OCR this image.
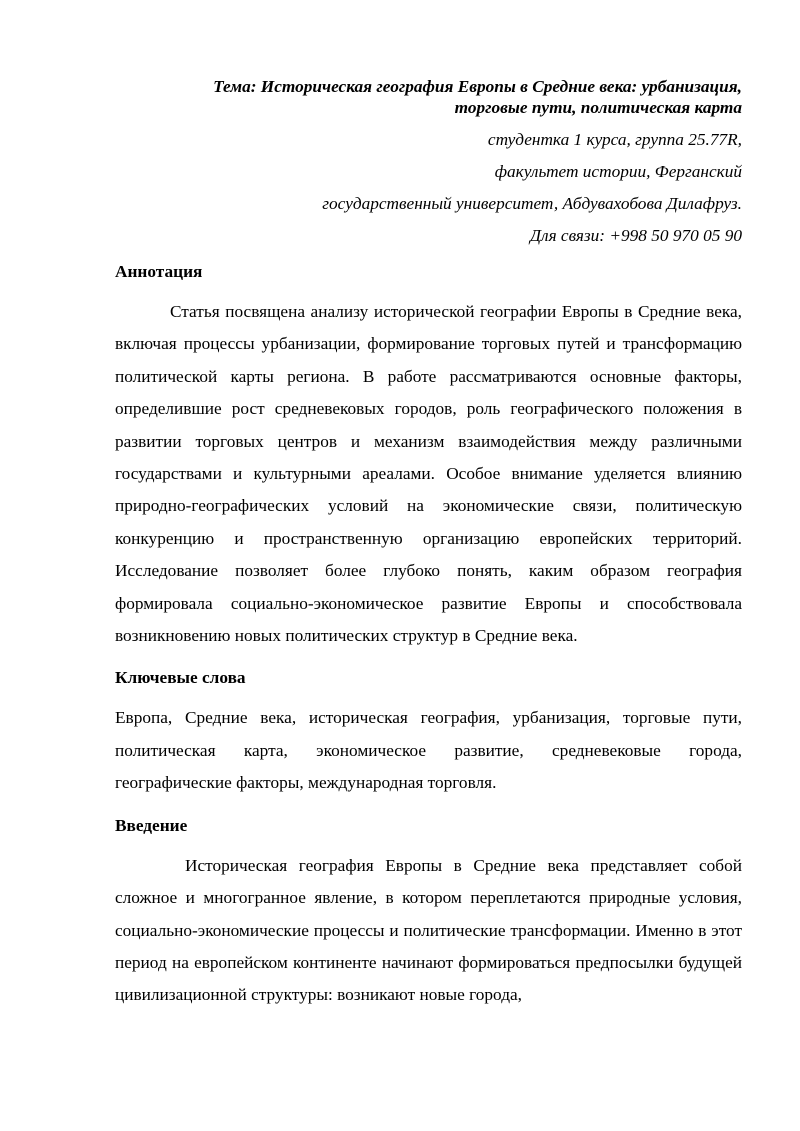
Тема: Историческая география Европы в Средние века: урбанизация,
торговые пути, политическая карта

студентка 1 курса, группа 25.77R,

факультет истории, Ферганский

государственный университет, Абдувахобова Дилафруз.

Для связи: +998 50 970 05 90

Аннотация

Статья посвящена анализу исторической географии Европы в Средние века, включая процессы урбанизации, формирование торговых путей и трансформацию политической карты региона. В работе рассматриваются основные факторы, определившие рост средневековых городов, роль географического положения в развитии торговых центров и механизм взаимодействия между различными государствами и культурными ареалами. Особое внимание уделяется влиянию природно-географических условий на экономические связи, политическую конкуренцию и пространственную организацию европейских территорий. Исследование позволяет более глубоко понять, каким образом география формировала социально-экономическое развитие Европы и способствовала возникновению новых политических структур в Средние века.

Ключевые слова

Европа, Средние века, историческая география, урбанизация, торговые пути, политическая карта, экономическое развитие, средневековые города, географические факторы, международная торговля.

Введение

Историческая география Европы в Средние века представляет собой сложное и многогранное явление, в котором переплетаются природные условия, социально-экономические процессы и политические трансформации. Именно в этот период на европейском континенте начинают формироваться предпосылки будущей цивилизационной структуры: возникают новые города,
